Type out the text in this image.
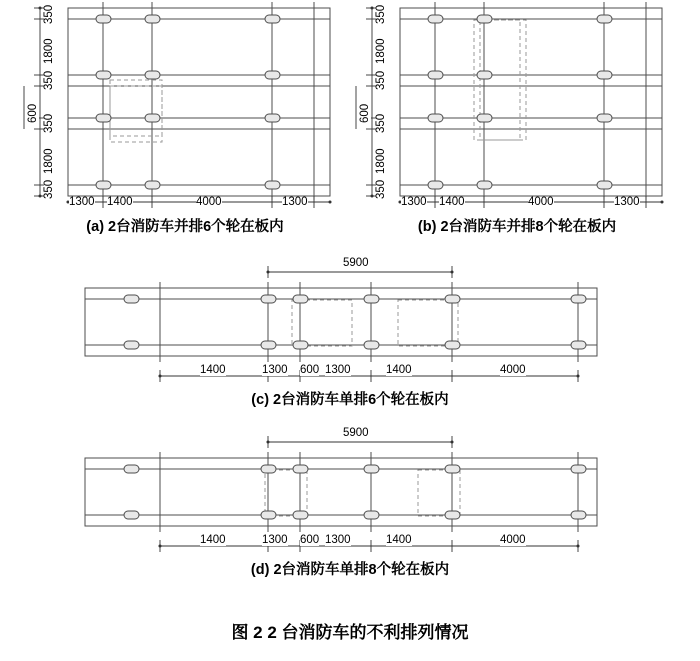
1300 1400	4000	1300
350
1800
350
600
350
1800
350
(a) 2台消防车并排6个轮在板内
1300 1400	4000	1300
350
1800
350
600
350
1800
350
(b) 2台消防车并排8个轮在板内
5900
1400	1300 600 1300	1400	4000
(c) 2台消防车单排6个轮在板内
5900
1400	1300 600 1300	1400	4000
(d) 2台消防车单排8个轮在板内
图 2 2 台消防车的不利排列情况
